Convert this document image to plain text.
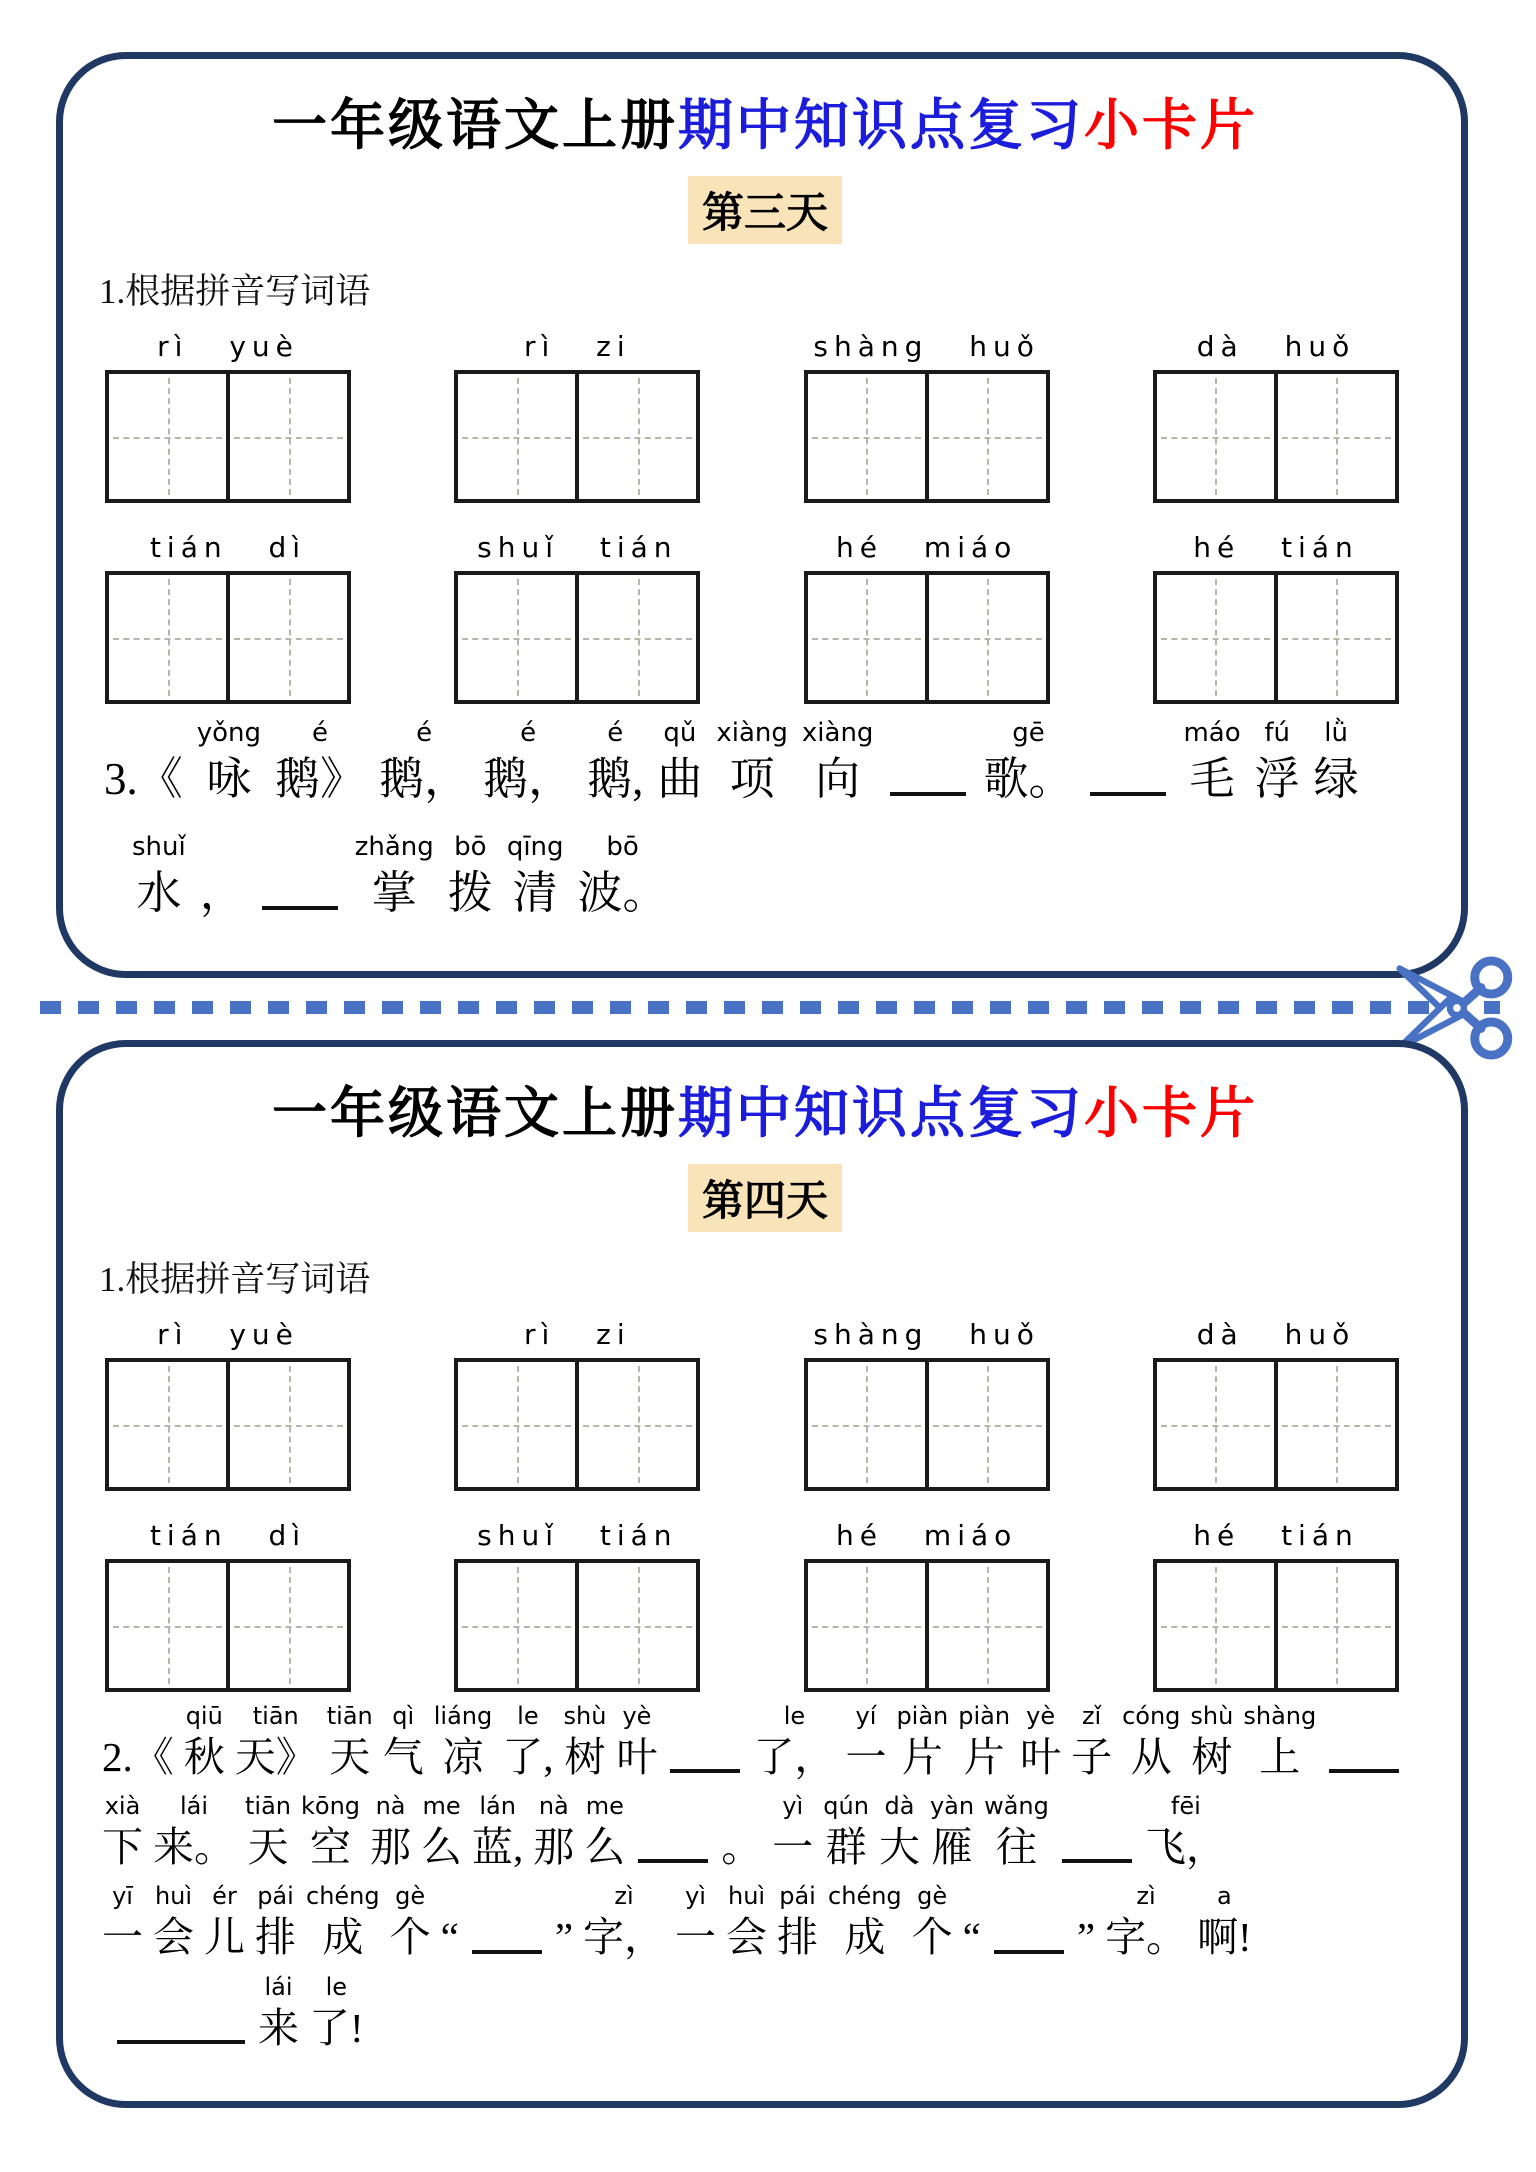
一年级语文上册期中知识点复习小卡片
第三天
1.根据拼音写词语
rì yuè	rì zi	shàng huǒ	dà huǒ
tián dì	shuǐ tián	hé miáo	hé tián
3.《
yǒng
咏
é
鹅》
é
鹅，
é
鹅，
é
鹅,
qǔ
曲
xiàng
项
xiàng
向
gē
歌。
máo
毛
fú
浮
lǜ
绿
shuǐ
水 ，
zhǎng
掌
bō
拨
qīng
清
bō
波。
一年级语文上册期中知识点复习小卡片
第四天
1.根据拼音写词语
rì yuè	rì zi	shàng huǒ	dà huǒ
tián dì	shuǐ tián	hé miáo	hé tián
2.《
qiū
秋
tiān
天》
tiān
天
qì
气
liáng
凉
le
了,
shù
树
yè
叶
le
了，
yí
一
piàn
片
piàn
片
yè
叶
zǐ
子
cóng
从
shù
树
shàng
上
xià
下
lái
来。
tiān
天
kōng
空
nà
那
me
么
lán
蓝,
nà
那
me
么 。
yì
一
qún
群
dà
大
yàn
雁
wǎng
往
fēi
飞，
yī
一
huì
会
ér
儿
pái
排
chéng
成
gè
个 “ ”
zì
字，
yì
一
huì
会
pái
排
chéng
成
gè
个 “ ”
zì
字。
a
啊!
lái
来
le
了!
